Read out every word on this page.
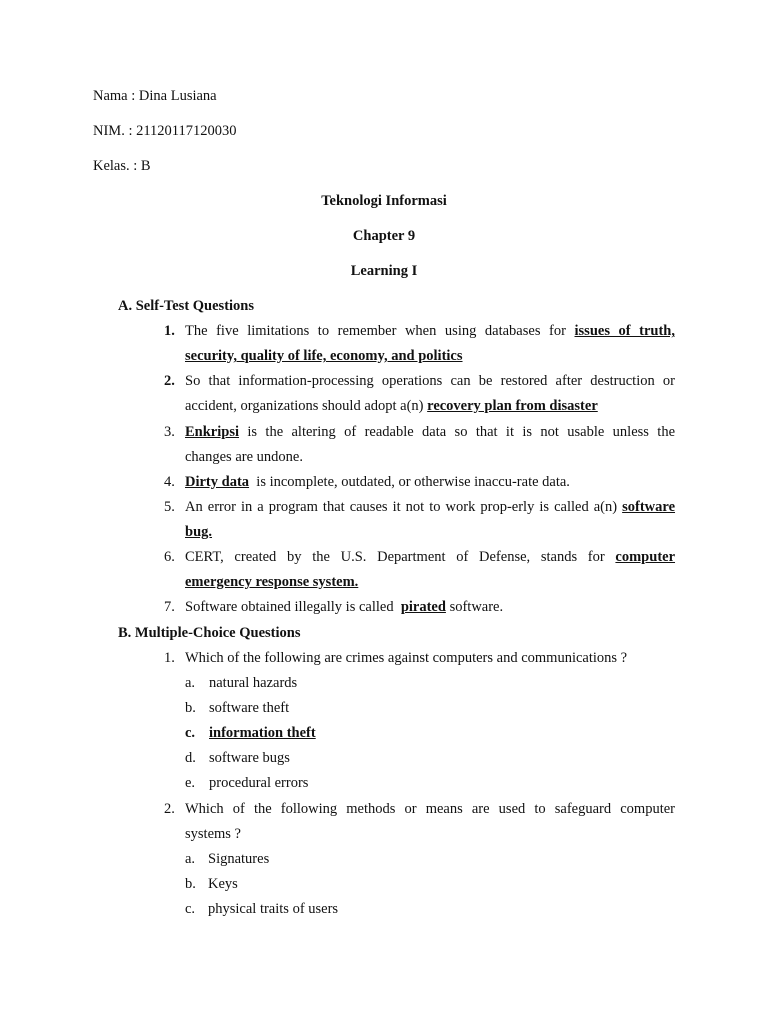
Nama : Dina Lusiana
NIM. : 21120117120030
Kelas. : B
Teknologi Informasi
Chapter 9
Learning I
A. Self-Test Questions
1. The five limitations to remember when using databases for issues of truth,
security, quality of life, economy, and politics
2. So that information-processing operations can be restored after destruction or
accident, organizations should adopt a(n) recovery plan from disaster
3. Enkripsi is the altering of readable data so that it is not usable unless the
changes are undone.
4. Dirty data is incomplete, outdated, or otherwise inaccu-rate data.
5. An error in a program that causes it not to work prop-erly is called a(n) software
bug.
6. CERT, created by the U.S. Department of Defense, stands for computer
emergency response system.
7. Software obtained illegally is called pirated software.
B. Multiple-Choice Questions
1. Which of the following are crimes against computers and communications ?
a. natural hazards
b. software theft
c. information theft
d. software bugs
e. procedural errors
2. Which of the following methods or means are used to safeguard computer
systems ?
a. Signatures
b. Keys
c. physical traits of users
